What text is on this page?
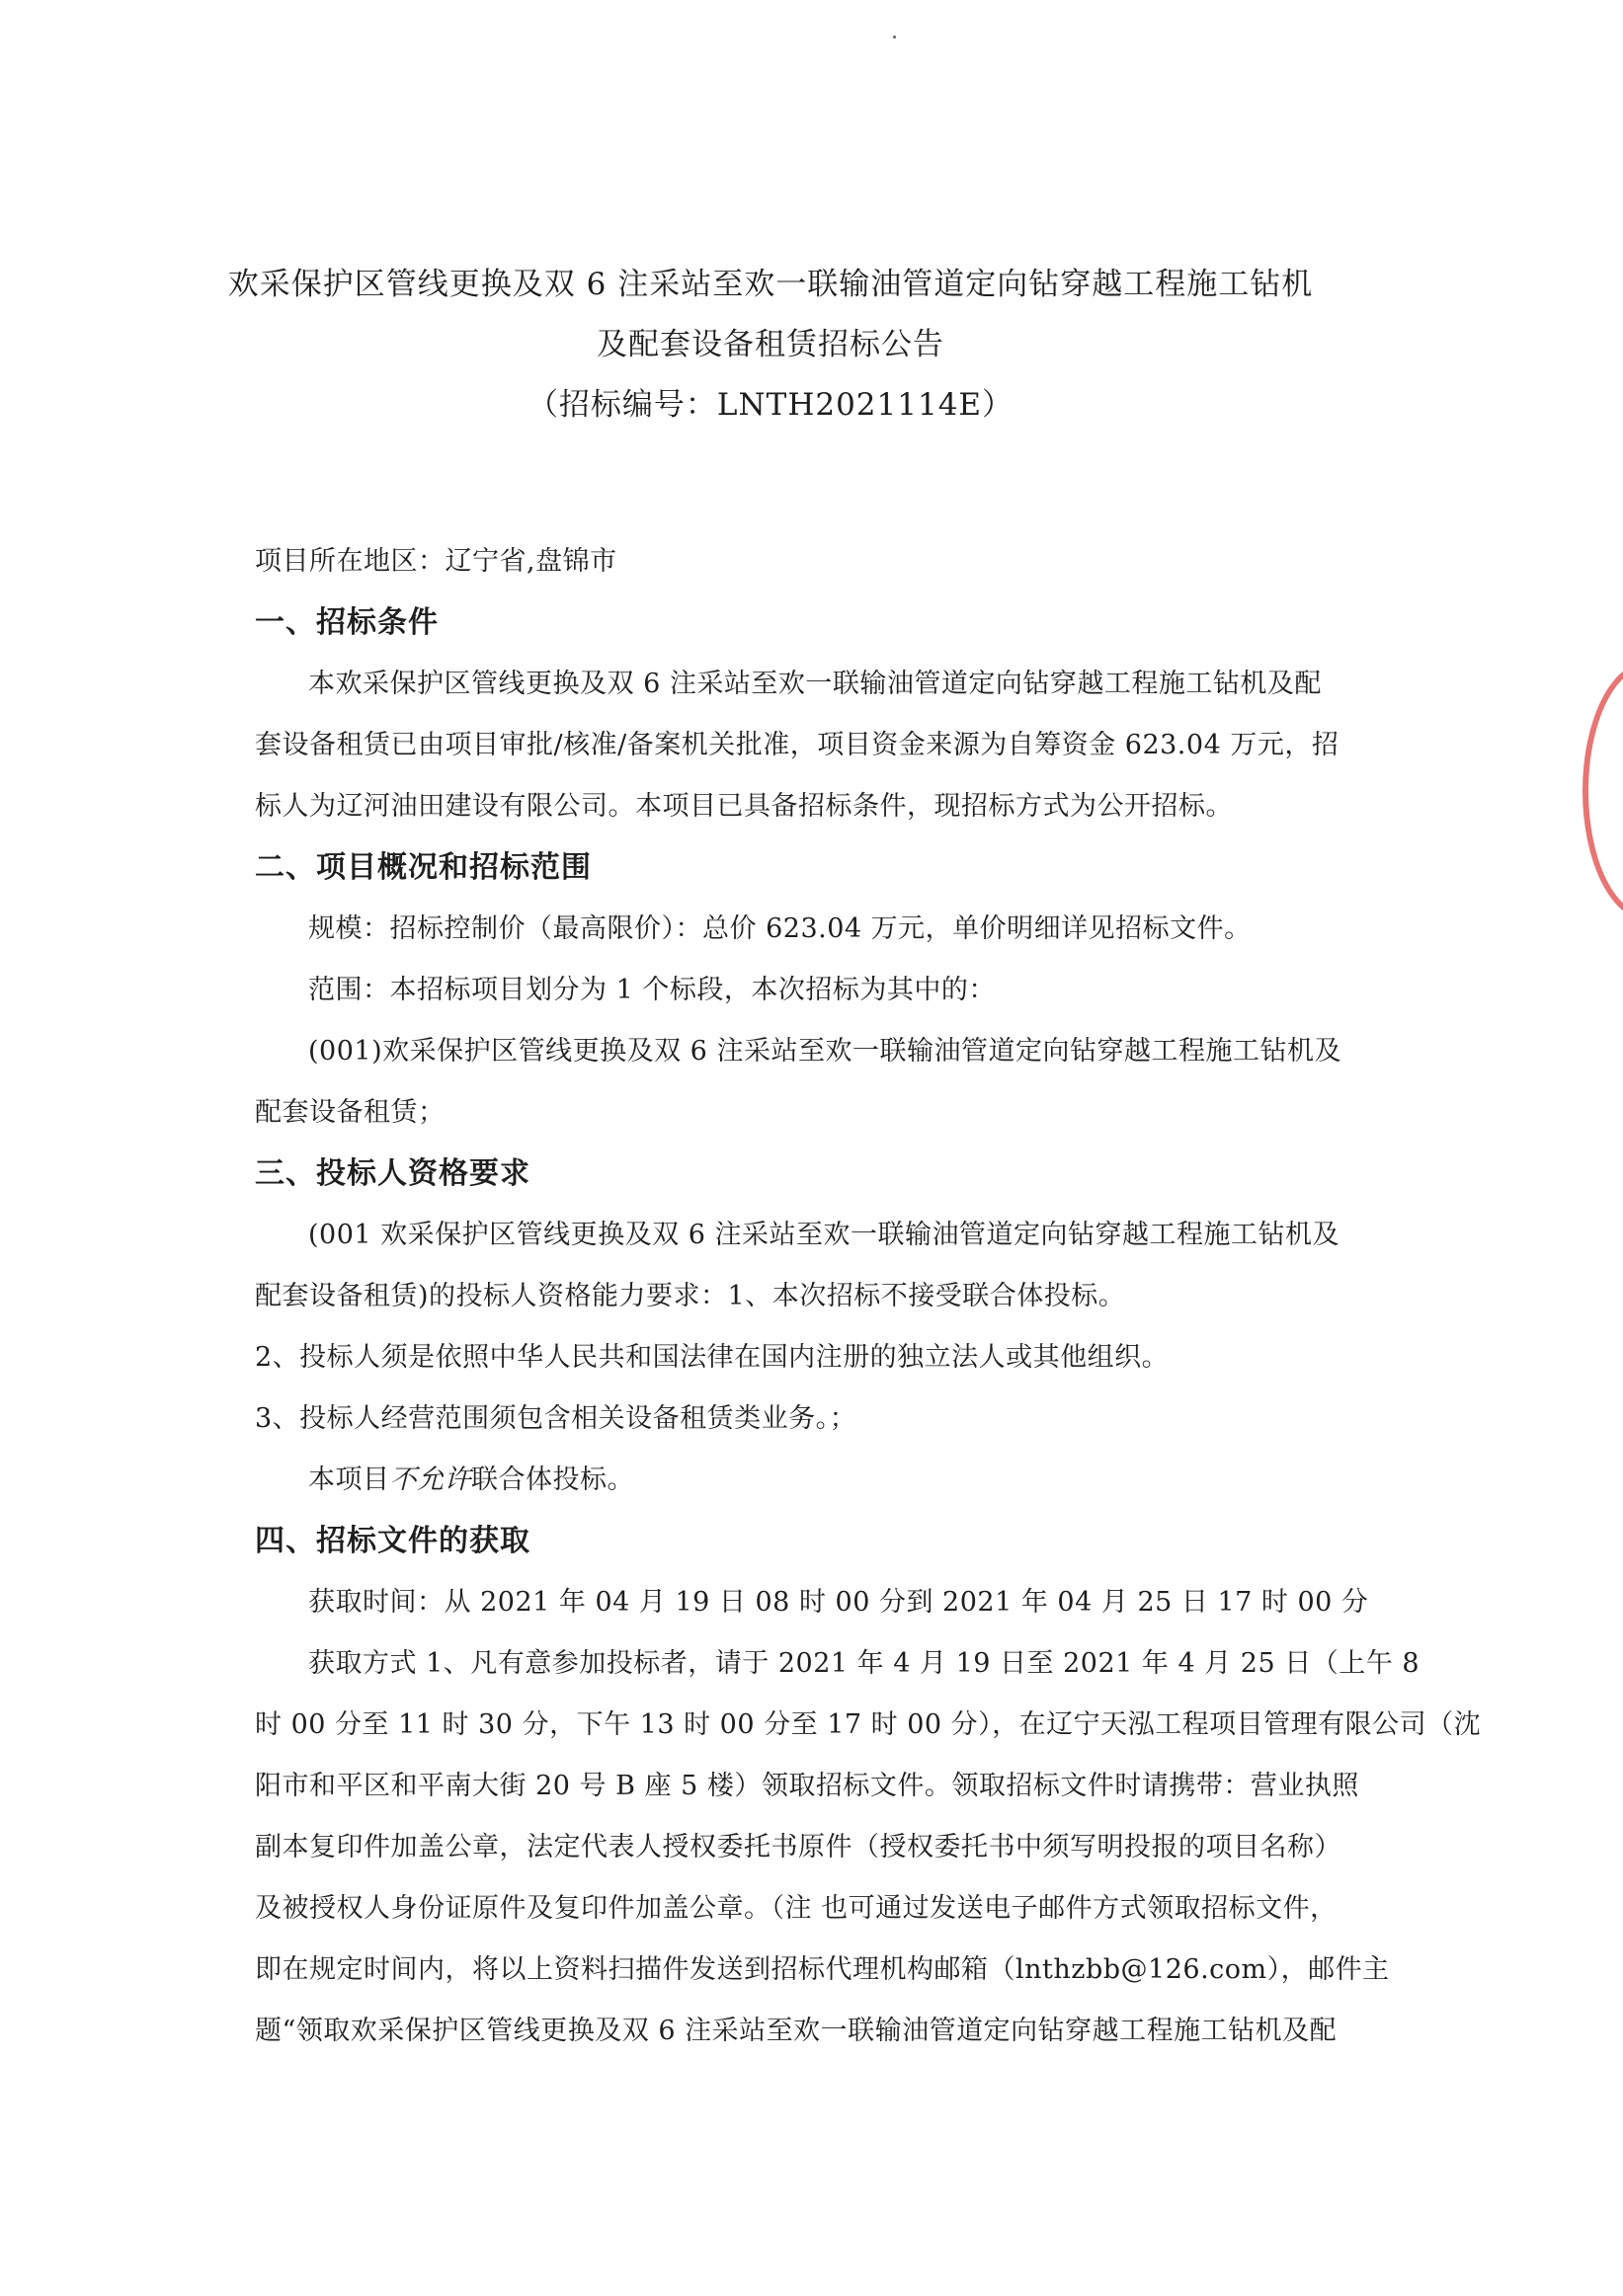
欢采保护区管线更换及双 6 注采站至欢一联输油管道定向钻穿越工程施工钻机
及配套设备租赁招标公告
（招标编号：LNTH2021114E）
项目所在地区：辽宁省,盘锦市
一、招标条件
本欢采保护区管线更换及双 6 注采站至欢一联输油管道定向钻穿越工程施工钻机及配
套设备租赁已由项目审批/核准/备案机关批准，项目资金来源为自筹资金 623.04 万元，招
标人为辽河油田建设有限公司。本项目已具备招标条件，现招标方式为公开招标。
二、项目概况和招标范围
规模：招标控制价（最高限价）：总价 623.04 万元，单价明细详见招标文件。
范围：本招标项目划分为 1 个标段，本次招标为其中的：
(001)欢采保护区管线更换及双 6 注采站至欢一联输油管道定向钻穿越工程施工钻机及
配套设备租赁；
三、投标人资格要求
(001 欢采保护区管线更换及双 6 注采站至欢一联输油管道定向钻穿越工程施工钻机及
配套设备租赁)的投标人资格能力要求：1、本次招标不接受联合体投标。
2、投标人须是依照中华人民共和国法律在国内注册的独立法人或其他组织。
3、投标人经营范围须包含相关设备租赁类业务。；
本项目不允许联合体投标。
四、招标文件的获取
获取时间：从 2021 年 04 月 19 日 08 时 00 分到 2021 年 04 月 25 日 17 时 00 分
获取方式 1、凡有意参加投标者，请于 2021 年 4 月 19 日至 2021 年 4 月 25 日（上午 8
时 00 分至 11 时 30 分，下午 13 时 00 分至 17 时 00 分），在辽宁天泓工程项目管理有限公司（沈
阳市和平区和平南大街 20 号 B 座 5 楼）领取招标文件。领取招标文件时请携带：营业执照
副本复印件加盖公章，法定代表人授权委托书原件（授权委托书中须写明投报的项目名称）
及被授权人身份证原件及复印件加盖公章。（注 也可通过发送电子邮件方式领取招标文件，
即在规定时间内，将以上资料扫描件发送到招标代理机构邮箱（lnthzbb@126.com），邮件主
题“领取欢采保护区管线更换及双 6 注采站至欢一联输油管道定向钻穿越工程施工钻机及配
